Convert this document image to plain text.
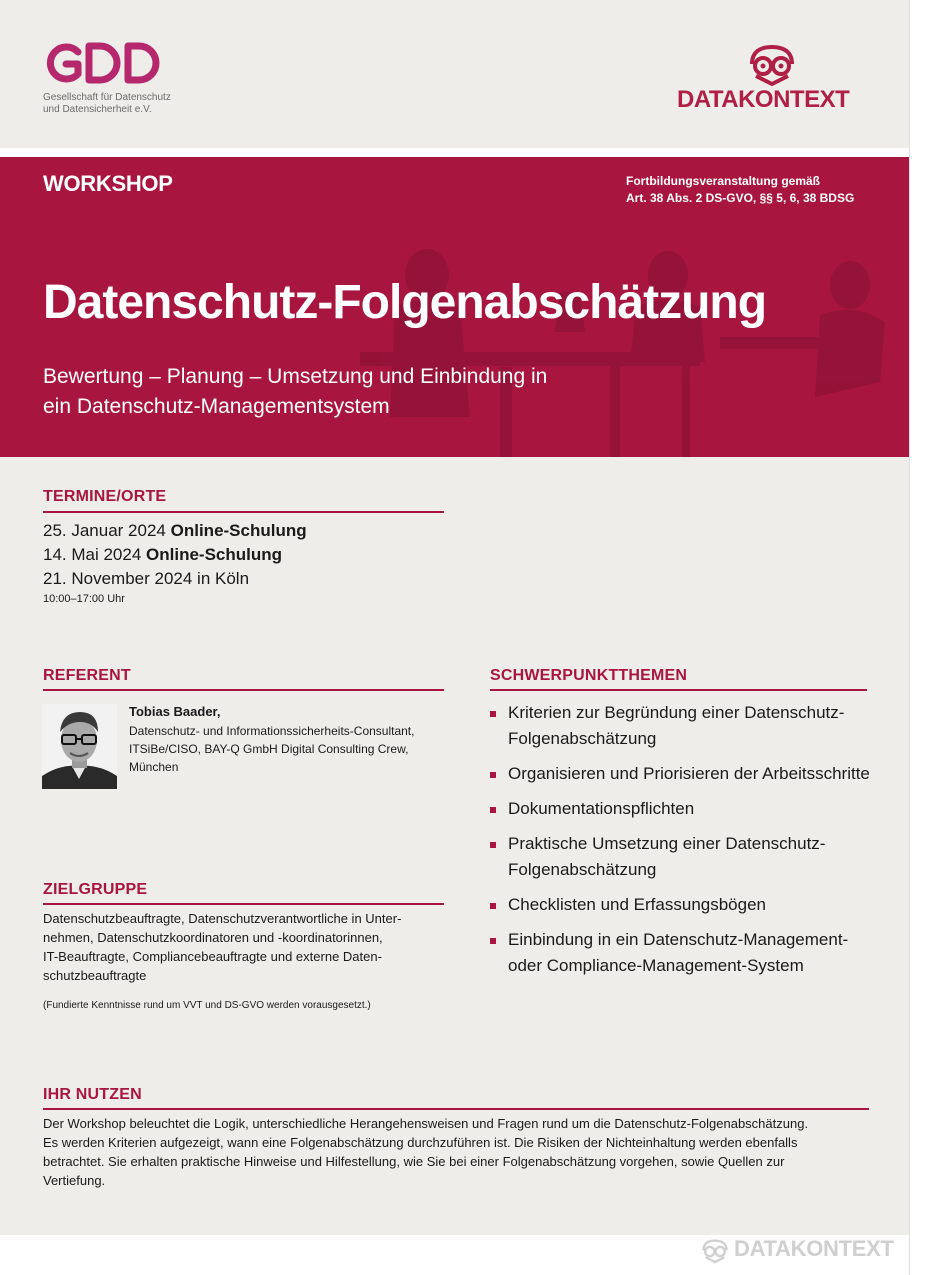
Gesellschaft für Datenschutz
und Datensicherheit e.V.	DATAKONTEXT
WORKSHOP	Fortbildungsveranstaltung gemäß
Art. 38 Abs. 2 DS-GVO, §§ 5, 6, 38 BDSG
Datenschutz-Folgenabschätzung
Bewertung – Planung – Umsetzung und Einbindung in
ein Datenschutz-Managementsystem
TERMINE/ORTE
25. Januar 2024 Online-Schulung
14. Mai 2024 Online-Schulung
21. November 2024 in Köln
10:00–17:00 Uhr
REFERENT
Tobias Baader,
Datenschutz- und Informationssicherheits-Consultant,
ITSiBe/CISO, BAY-Q GmbH Digital Consulting Crew,
München
ZIELGRUPPE
Datenschutzbeauftragte, Datenschutzverantwortliche in Unter-
nehmen, Datenschutzkoordinatoren und -koordinatorinnen,
IT-Beauftragte, Compliancebeauftragte und externe Daten-
schutzbeauftragte
(Fundierte Kenntnisse rund um VVT und DS-GVO werden vorausgesetzt.)
SCHWERPUNKTTHEMEN
Kriterien zur Begründung einer Datenschutz-
Folgenabschätzung
Organisieren und Priorisieren der Arbeitsschritte
Dokumentationspflichten
Praktische Umsetzung einer Datenschutz-
Folgenabschätzung
Checklisten und Erfassungsbögen
Einbindung in ein Datenschutz-Management-
oder Compliance-Management-System
IHR NUTZEN
Der Workshop beleuchtet die Logik, unterschiedliche Herangehensweisen und Fragen rund um die Datenschutz-Folgenabschätzung.
Es werden Kriterien aufgezeigt, wann eine Folgenabschätzung durchzuführen ist. Die Risiken der Nichteinhaltung werden ebenfalls
betrachtet. Sie erhalten praktische Hinweise und Hilfestellung, wie Sie bei einer Folgenabschätzung vorgehen, sowie Quellen zur
Vertiefung.
DATAKONTEXT
